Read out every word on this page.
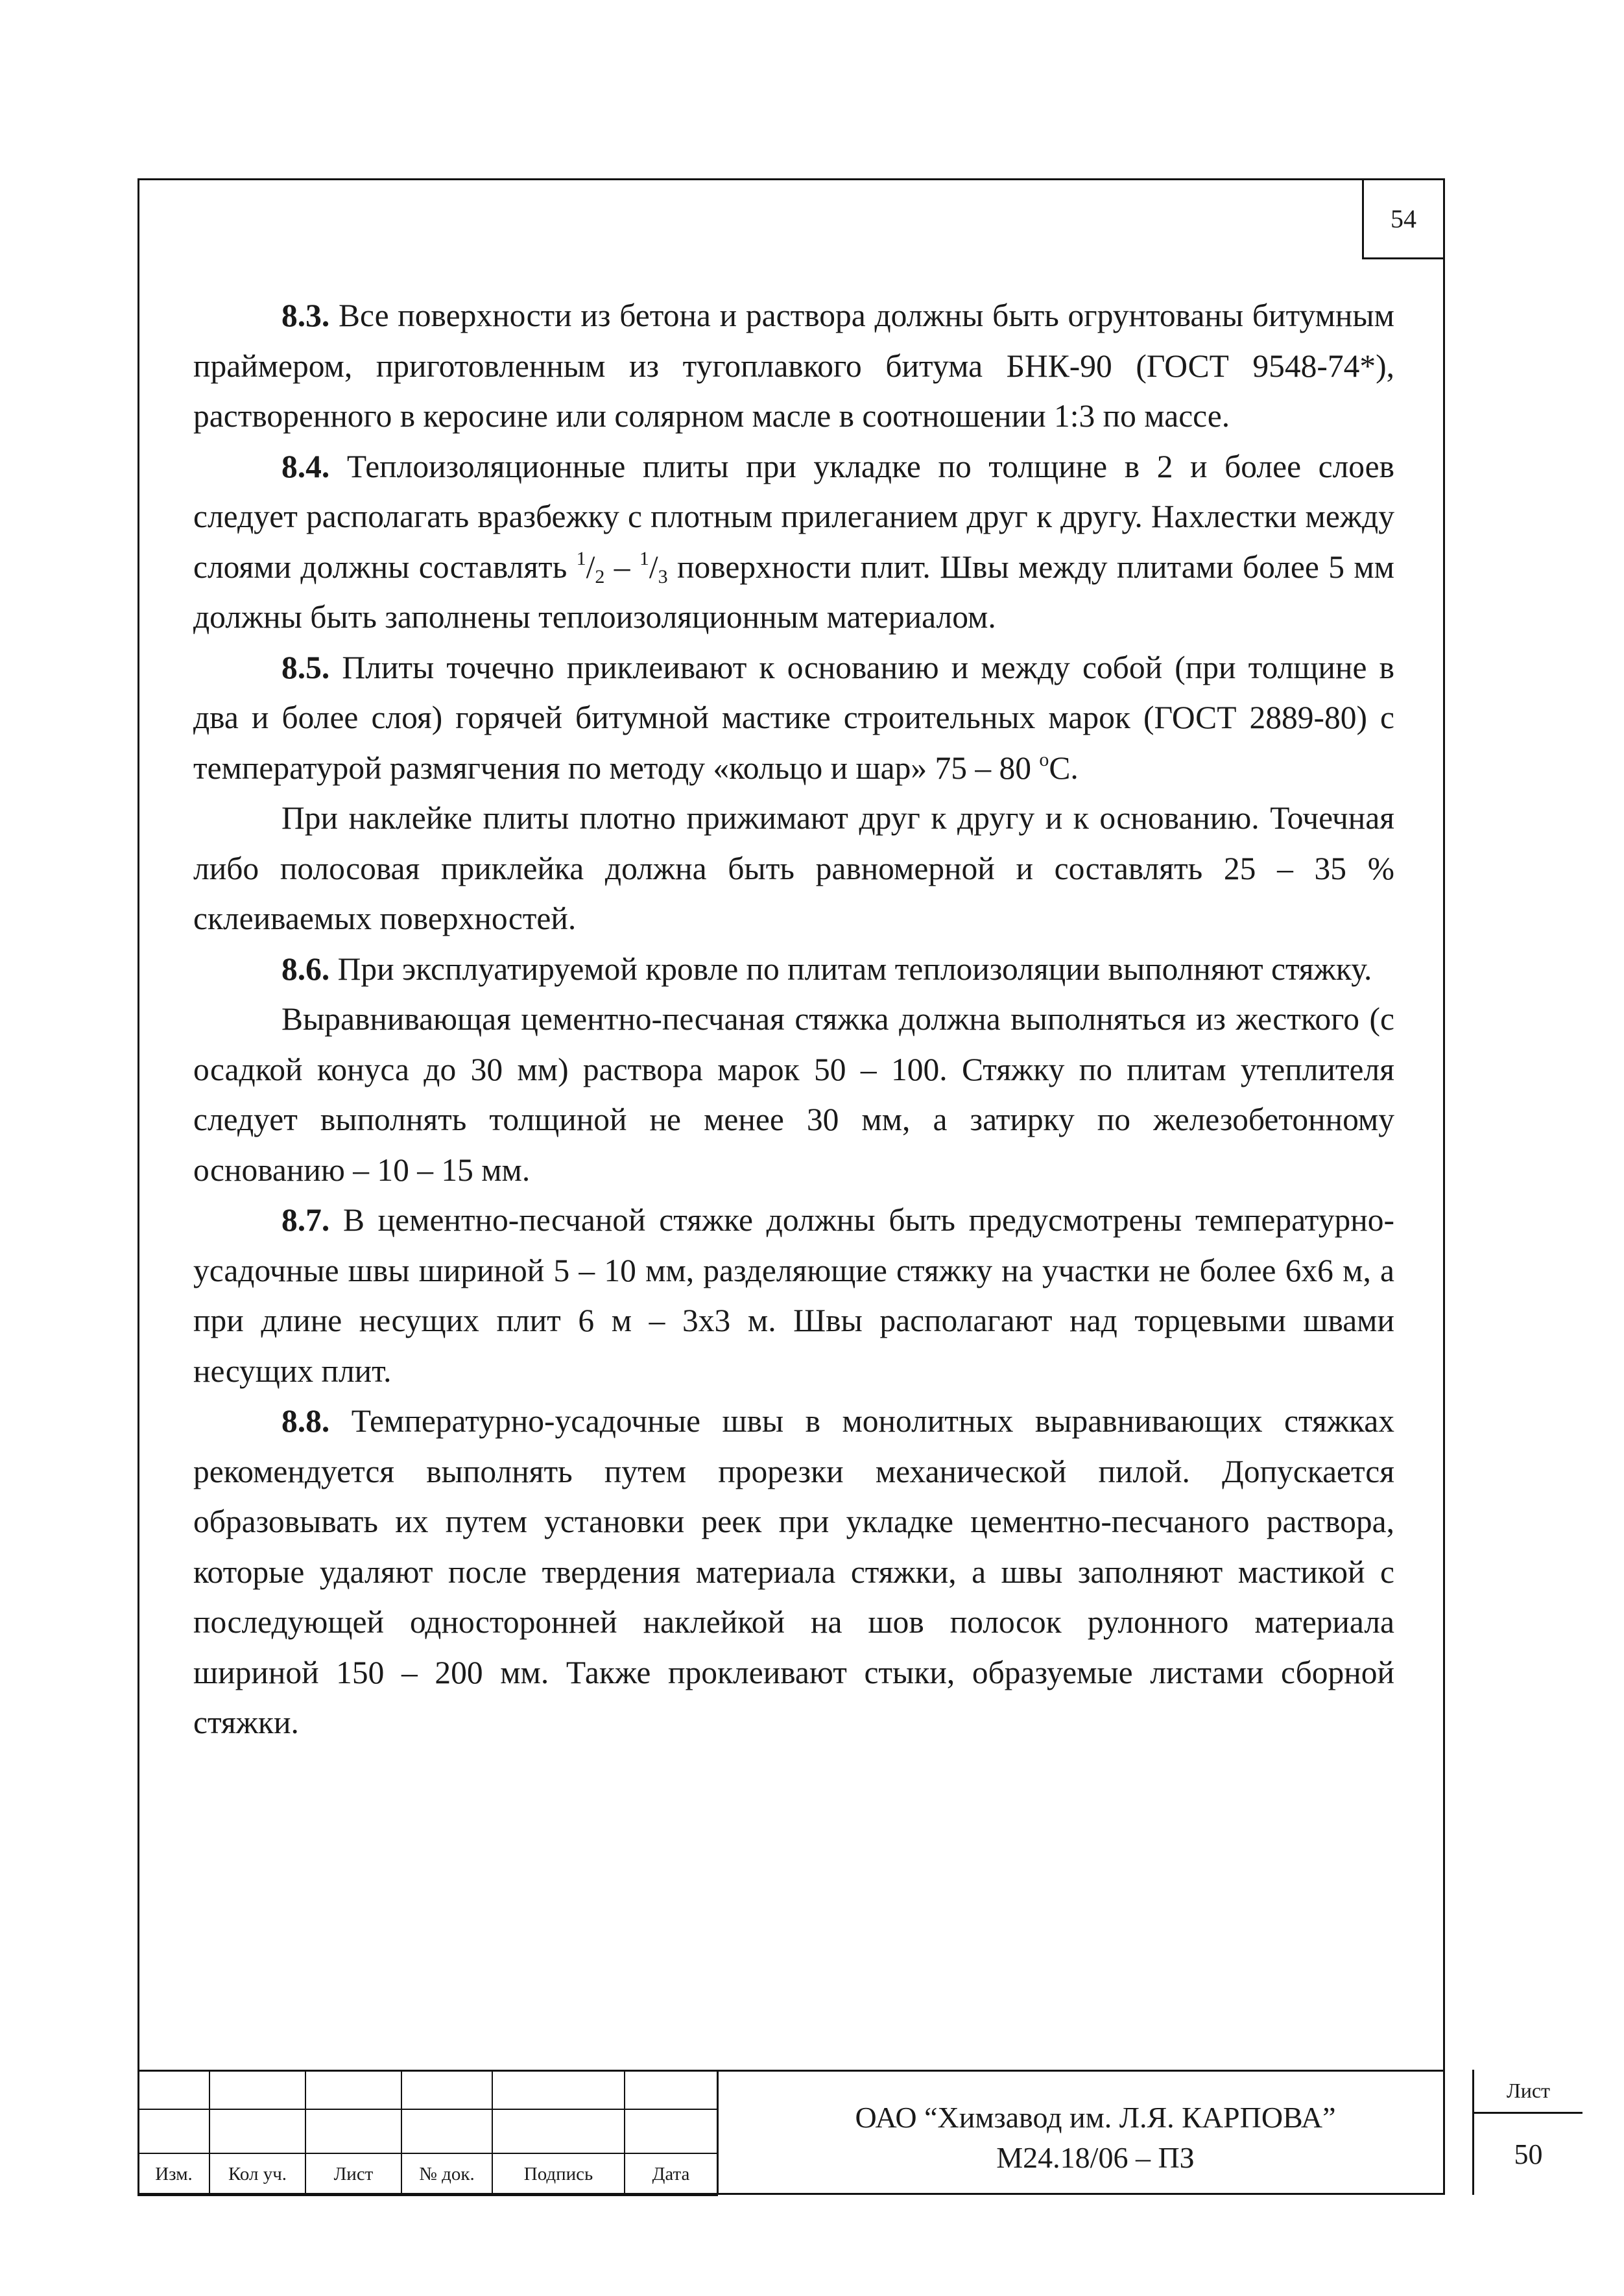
54

8.3. Все поверхности из бетона и раствора должны быть огрунтованы битумным праймером, приготовленным из тугоплавкого битума БНК-90 (ГОСТ 9548-74*), растворенного в керосине или солярном масле в соотношении 1:3 по массе.

8.4. Теплоизоляционные плиты при укладке по толщине в 2 и более слоев следует располагать вразбежку с плотным прилеганием друг к другу. Нахлестки между слоями должны составлять $^1/_2 - ^1/_3$ поверхности плит. Швы между плитами более 5 мм должны быть заполнены теплоизоляционным материалом.

8.5. Плиты точечно приклеивают к основанию и между собой (при толщине в два и более слоя) горячей битумной мастике строительных марок (ГОСТ 2889-80) с температурой размягчения по методу «кольцо и шар» 75 – 80 $^o$С.

При наклейке плиты плотно прижимают друг к другу и к основанию. Точечная либо полосовая приклейка должна быть равномерной и составлять 25 – 35 % склеиваемых поверхностей.

8.6. При эксплуатируемой кровле по плитам теплоизоляции выполняют стяжку.

Выравнивающая цементно-песчаная стяжка должна выполняться из жесткого (с осадкой конуса до 30 мм) раствора марок 50 – 100. Стяжку по плитам утеплителя следует выполнять толщиной не менее 30 мм, а затирку по железобетонному основанию – 10 – 15 мм.

8.7. В цементно-песчаной стяжке должны быть предусмотрены температурно-усадочные швы шириной 5 – 10 мм, разделяющие стяжку на участки не более 6х6 м, а при длине несущих плит 6 м – 3х3 м. Швы располагают над торцевыми швами несущих плит.

8.8. Температурно-усадочные швы в монолитных выравнивающих стяжках рекомендуется выполнять путем прорезки механической пилой. Допускается образовывать их путем установки реек при укладке цементно-песчаного раствора, которые удаляют после твердения материала стяжки, а швы заполняют мастикой с последующей односторонней наклейкой на шов полосок рулонного материала шириной 150 – 200 мм. Также проклеивают стыки, образуемые листами сборной стяжки.

Изм.	Кол уч.	Лист	№ док.	Подпись	Дата
ОАО “Химзавод им. Л.Я. КАРПОВА”
М24.18/06 – ПЗ
Лист
50
